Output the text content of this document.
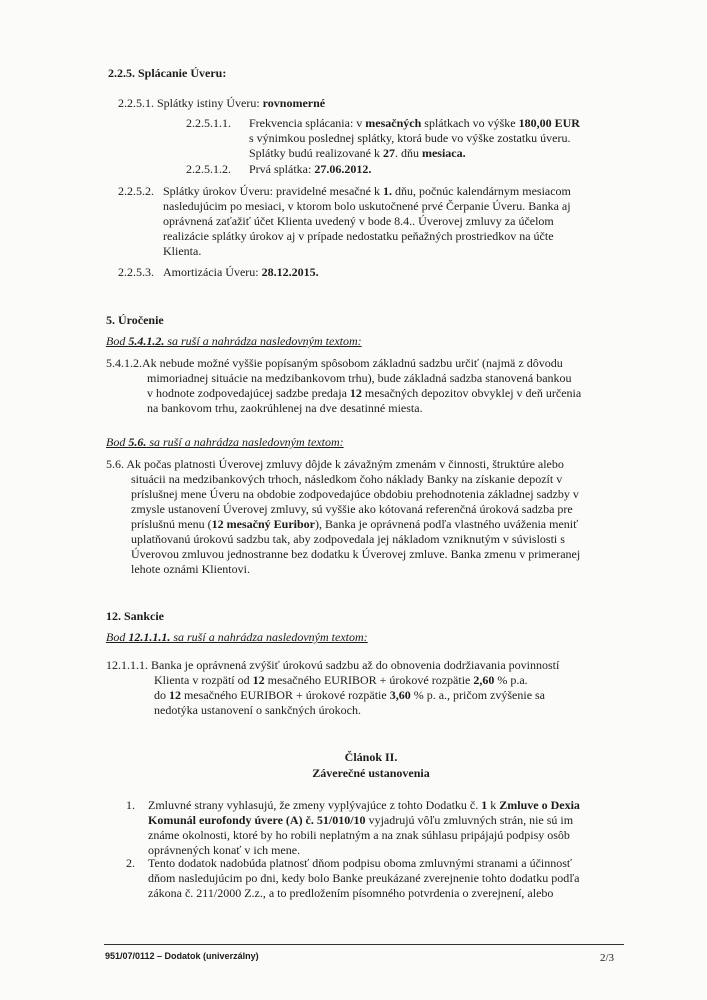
2.2.5. Splácanie Úveru:
2.2.5.1. Splátky istiny Úveru: rovnomerné
2.2.5.1.1. Frekvencia splácania: v mesačných splátkach vo výške 180,00 EUR
s výnimkou poslednej splátky, ktorá bude vo výške zostatku úveru.
Splátky budú realizované k 27. dňu mesiaca.
2.2.5.1.2. Prvá splátka: 27.06.2012.
2.2.5.2. Splátky úrokov Úveru: pravidelné mesačné k 1. dňu, počnúc kalendárnym mesiacom
nasledujúcim po mesiaci, v ktorom bolo uskutočnené prvé Čerpanie Úveru. Banka aj
oprávnená zaťažiť účet Klienta uvedený v bode 8.4.. Úverovej zmluvy za účelom
realizácie splátky úrokov aj v prípade nedostatku peňažných prostriedkov na účte
Klienta.
2.2.5.3. Amortizácia Úveru: 28.12.2015.
5. Úročenie
Bod 5.4.1.2. sa ruší a nahrádza nasledovným textom:
5.4.1.2.Ak nebude možné vyššie popísaným spôsobom základnú sadzbu určiť (najmä z dôvodu
mimoriadnej situácie na medzibankovom trhu), bude základná sadzba stanovená bankou
v hodnote zodpovedajúcej sadzbe predaja 12 mesačných depozitov obvyklej v deň určenia
na bankovom trhu, zaokrúhlenej na dve desatinné miesta.
Bod 5.6. sa ruší a nahrádza nasledovným textom:
5.6. Ak počas platnosti Úverovej zmluvy dôjde k závažným zmenám v činnosti, štruktúre alebo
situácii na medzibankových trhoch, následkom čoho náklady Banky na získanie depozít v
príslušnej mene Úveru na obdobie zodpovedajúce obdobiu prehodnotenia základnej sadzby v
zmysle ustanovení Úverovej zmluvy, sú vyššie ako kótovaná referenčná úroková sadzba pre
príslušnú menu (12 mesačný Euribor), Banka je oprávnená podľa vlastného uváženia meniť
uplatňovanú úrokovú sadzbu tak, aby zodpovedala jej nákladom vzniknutým v súvislosti s
Úverovou zmluvou jednostranne bez dodatku k Úverovej zmluve. Banka zmenu v primeranej
lehote oznámi Klientovi.
12. Sankcie
Bod 12.1.1.1. sa ruší a nahrádza nasledovným textom:
12.1.1.1. Banka je oprávnená zvýšiť úrokovú sadzbu až do obnovenia dodržiavania povinností
Klienta v rozpätí od 12 mesačného EURIBOR + úrokové rozpätie 2,60 % p.a.
do 12 mesačného EURIBOR + úrokové rozpätie 3,60 % p. a., pričom zvýšenie sa
nedotýka ustanovení o sankčných úrokoch.
Článok II.
Záverečné ustanovenia
1. Zmluvné strany vyhlasujú, že zmeny vyplývajúce z tohto Dodatku č. 1 k Zmluve o Dexia
Komunál eurofondy úvere (A) č. 51/010/10 vyjadrujú vôľu zmluvných strán, nie sú im
známe okolnosti, ktoré by ho robili neplatným a na znak súhlasu pripájajú podpisy osôb
oprávnených konať v ich mene.
2. Tento dodatok nadobúda platnosť dňom podpisu oboma zmluvnými stranami a účinnosť
dňom nasledujúcim po dni, kedy bolo Banke preukázané zverejnenie tohto dodatku podľa
zákona č. 211/2000 Z.z., a to predložením písomného potvrdenia o zverejnení, alebo
951/07/0112 – Dodatok (univerzálny)	2/3
